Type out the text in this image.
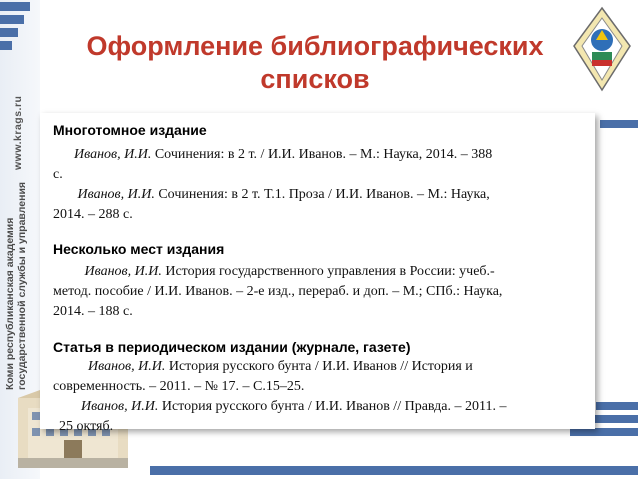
Коми республиканская академия государственной службы и управления
www.krags.ru
Оформление библиографических
списков
Многотомное издание
Иванов, И.И. Сочинения: в 2 т. / И.И. Иванов. – М.: Наука, 2014. – 388
с.
Иванов, И.И. Сочинения: в 2 т. Т.1. Проза / И.И. Иванов. – М.: Наука,
2014. – 288 с.
Несколько мест издания
Иванов, И.И. История государственного управления в России: учеб.-
метод. пособие / И.И. Иванов. – 2-е изд., перераб. и доп. – М.; СПб.: Наука,
2014. – 188 с.
Статья в периодическом издании (журнале, газете)
Иванов, И.И. История русского бунта / И.И. Иванов // История и
современность. – 2011. – № 17. – С.15–25.
Иванов, И.И. История русского бунта / И.И. Иванов // Правда. – 2011. –
25 октяб.
